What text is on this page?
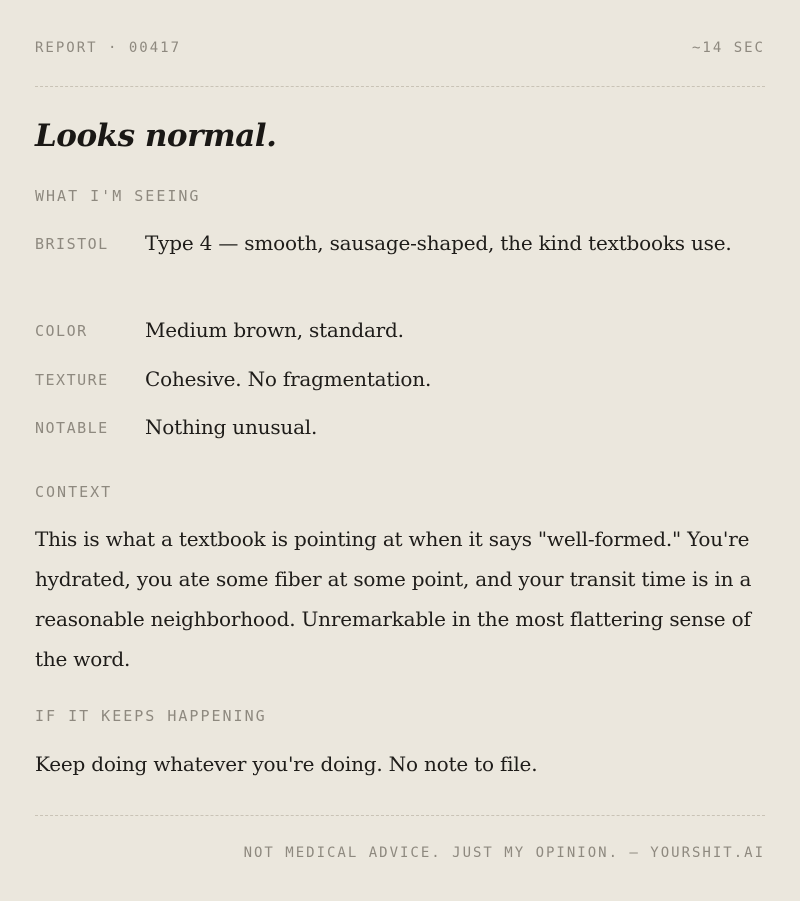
REPORT · 00417	~14 SEC
Looks normal.
WHAT I'M SEEING
BRISTOL	Type 4 — smooth, sausage-shaped, the kind textbooks use.
COLOR	Medium brown, standard.
TEXTURE	Cohesive. No fragmentation.
NOTABLE	Nothing unusual.
CONTEXT

This is what a textbook is pointing at when it says "well-formed." You're hydrated, you ate some fiber at some point, and your transit time is in a reasonable neighborhood. Unremarkable in the most flattering sense of the word.

IF IT KEEPS HAPPENING

Keep doing whatever you're doing. No note to file.

NOT MEDICAL ADVICE. JUST MY OPINION. — YOURSHIT.AI
